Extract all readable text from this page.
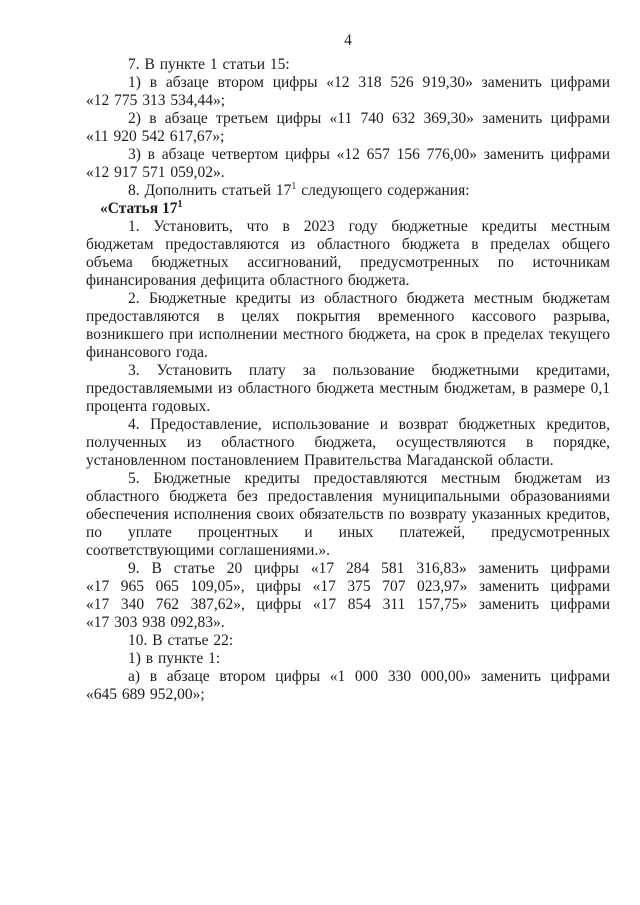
4

7. В пункте 1 статьи 15:

1) в абзаце втором цифры «12 318 526 919,30» заменить цифрами «12 775 313 534,44»;

2) в абзаце третьем цифры «11 740 632 369,30» заменить цифрами «11 920 542 617,67»;

3) в абзаце четвертом цифры «12 657 156 776,00» заменить цифрами «12 917 571 059,02».

8. Дополнить статьей $17^1$ следующего содержания:

«Статья $17^1$

1. Установить, что в 2023 году бюджетные кредиты местным бюджетам предоставляются из областного бюджета в пределах общего объема бюджетных ассигнований, предусмотренных по источникам финансирования дефицита областного бюджета.

2. Бюджетные кредиты из областного бюджета местным бюджетам предоставляются в целях покрытия временного кассового разрыва, возникшего при исполнении местного бюджета, на срок в пределах текущего финансового года.

3. Установить плату за пользование бюджетными кредитами, предоставляемыми из областного бюджета местным бюджетам, в размере 0,1 процента годовых.

4. Предоставление, использование и возврат бюджетных кредитов, полученных из областного бюджета, осуществляются в порядке, установленном постановлением Правительства Магаданской области.

5. Бюджетные кредиты предоставляются местным бюджетам из областного бюджета без предоставления муниципальными образованиями обеспечения исполнения своих обязательств по возврату указанных кредитов, по уплате процентных и иных платежей, предусмотренных соответствующими соглашениями.».

9. В статье 20 цифры «17 284 581 316,83» заменить цифрами «17 965 065 109,05», цифры «17 375 707 023,97» заменить цифрами «17 340 762 387,62», цифры «17 854 311 157,75» заменить цифрами «17 303 938 092,83».

10. В статье 22:

1) в пункте 1:

а) в абзаце втором цифры «1 000 330 000,00» заменить цифрами «645 689 952,00»;
